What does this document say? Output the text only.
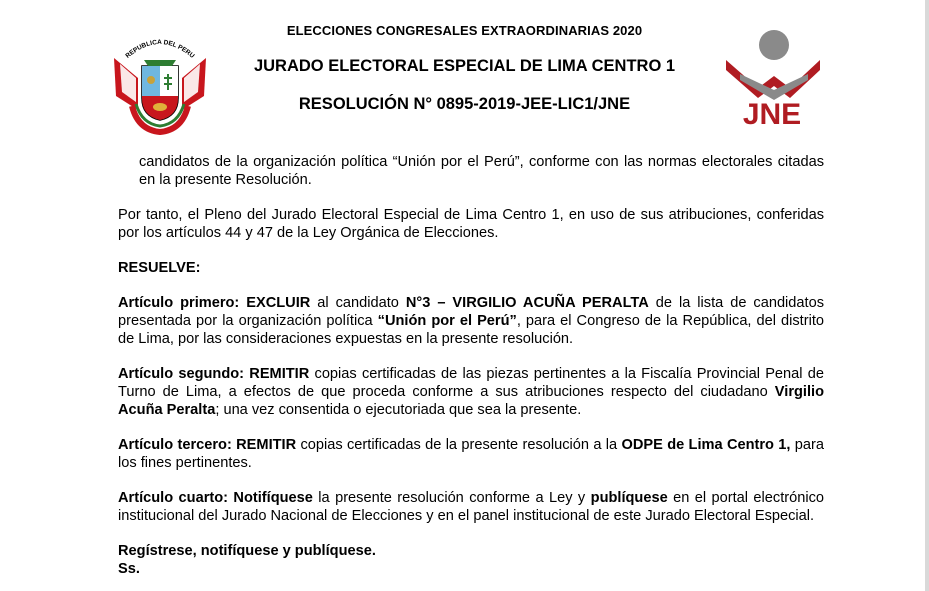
ELECCIONES CONGRESALES EXTRAORDINARIAS 2020
JURADO ELECTORAL ESPECIAL DE LIMA CENTRO 1
RESOLUCIÓN N° 0895-2019-JEE-LIC1/JNE
REPUBLICA DEL PERU
JNE

candidatos de la organización política “Unión por el Perú”, conforme con las normas electorales citadas en la presente Resolución.

Por tanto, el Pleno del Jurado Electoral Especial de Lima Centro 1, en uso de sus atribuciones, conferidas por los artículos 44 y 47 de la Ley Orgánica de Elecciones.

RESUELVE:

Artículo primero: EXCLUIR al candidato N°3 – VIRGILIO ACUÑA PERALTA de la lista de candidatos presentada por la organización política “Unión por el Perú”, para el Congreso de la República, del distrito de Lima, por las consideraciones expuestas en la presente resolución.

Artículo segundo: REMITIR copias certificadas de las piezas pertinentes a la Fiscalía Provincial Penal de Turno de Lima, a efectos de que proceda conforme a sus atribuciones respecto del ciudadano Virgilio Acuña Peralta; una vez consentida o ejecutoriada que sea la presente.

Artículo tercero: REMITIR copias certificadas de la presente resolución a la ODPE de Lima Centro 1, para los fines pertinentes.

Artículo cuarto: Notifíquese la presente resolución conforme a Ley y publíquese en el portal electrónico institucional del Jurado Nacional de Elecciones y en el panel institucional de este Jurado Electoral Especial.

Regístrese, notifíquese y publíquese.

Ss.
